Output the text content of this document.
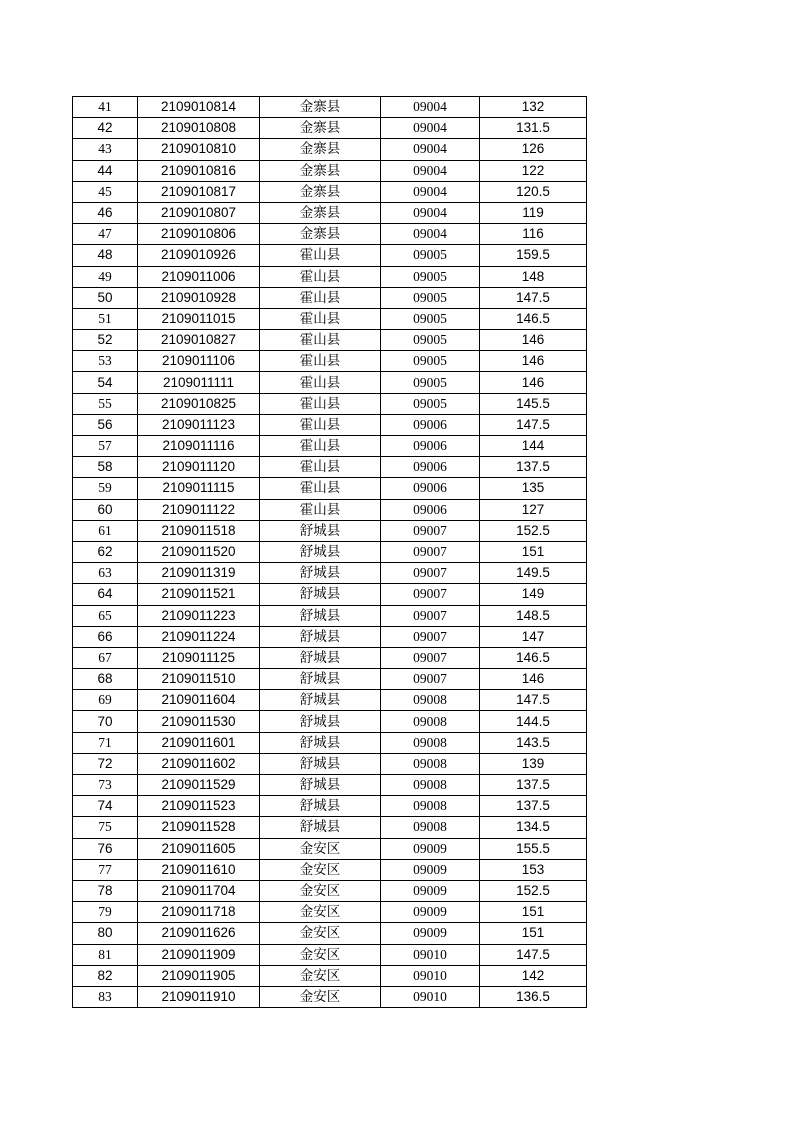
41	2109010814	金寨县	09004	132
42	2109010808	金寨县	09004	131.5
43	2109010810	金寨县	09004	126
44	2109010816	金寨县	09004	122
45	2109010817	金寨县	09004	120.5
46	2109010807	金寨县	09004	119
47	2109010806	金寨县	09004	116
48	2109010926	霍山县	09005	159.5
49	2109011006	霍山县	09005	148
50	2109010928	霍山县	09005	147.5
51	2109011015	霍山县	09005	146.5
52	2109010827	霍山县	09005	146
53	2109011106	霍山县	09005	146
54	2109011111	霍山县	09005	146
55	2109010825	霍山县	09005	145.5
56	2109011123	霍山县	09006	147.5
57	2109011116	霍山县	09006	144
58	2109011120	霍山县	09006	137.5
59	2109011115	霍山县	09006	135
60	2109011122	霍山县	09006	127
61	2109011518	舒城县	09007	152.5
62	2109011520	舒城县	09007	151
63	2109011319	舒城县	09007	149.5
64	2109011521	舒城县	09007	149
65	2109011223	舒城县	09007	148.5
66	2109011224	舒城县	09007	147
67	2109011125	舒城县	09007	146.5
68	2109011510	舒城县	09007	146
69	2109011604	舒城县	09008	147.5
70	2109011530	舒城县	09008	144.5
71	2109011601	舒城县	09008	143.5
72	2109011602	舒城县	09008	139
73	2109011529	舒城县	09008	137.5
74	2109011523	舒城县	09008	137.5
75	2109011528	舒城县	09008	134.5
76	2109011605	金安区	09009	155.5
77	2109011610	金安区	09009	153
78	2109011704	金安区	09009	152.5
79	2109011718	金安区	09009	151
80	2109011626	金安区	09009	151
81	2109011909	金安区	09010	147.5
82	2109011905	金安区	09010	142
83	2109011910	金安区	09010	136.5
